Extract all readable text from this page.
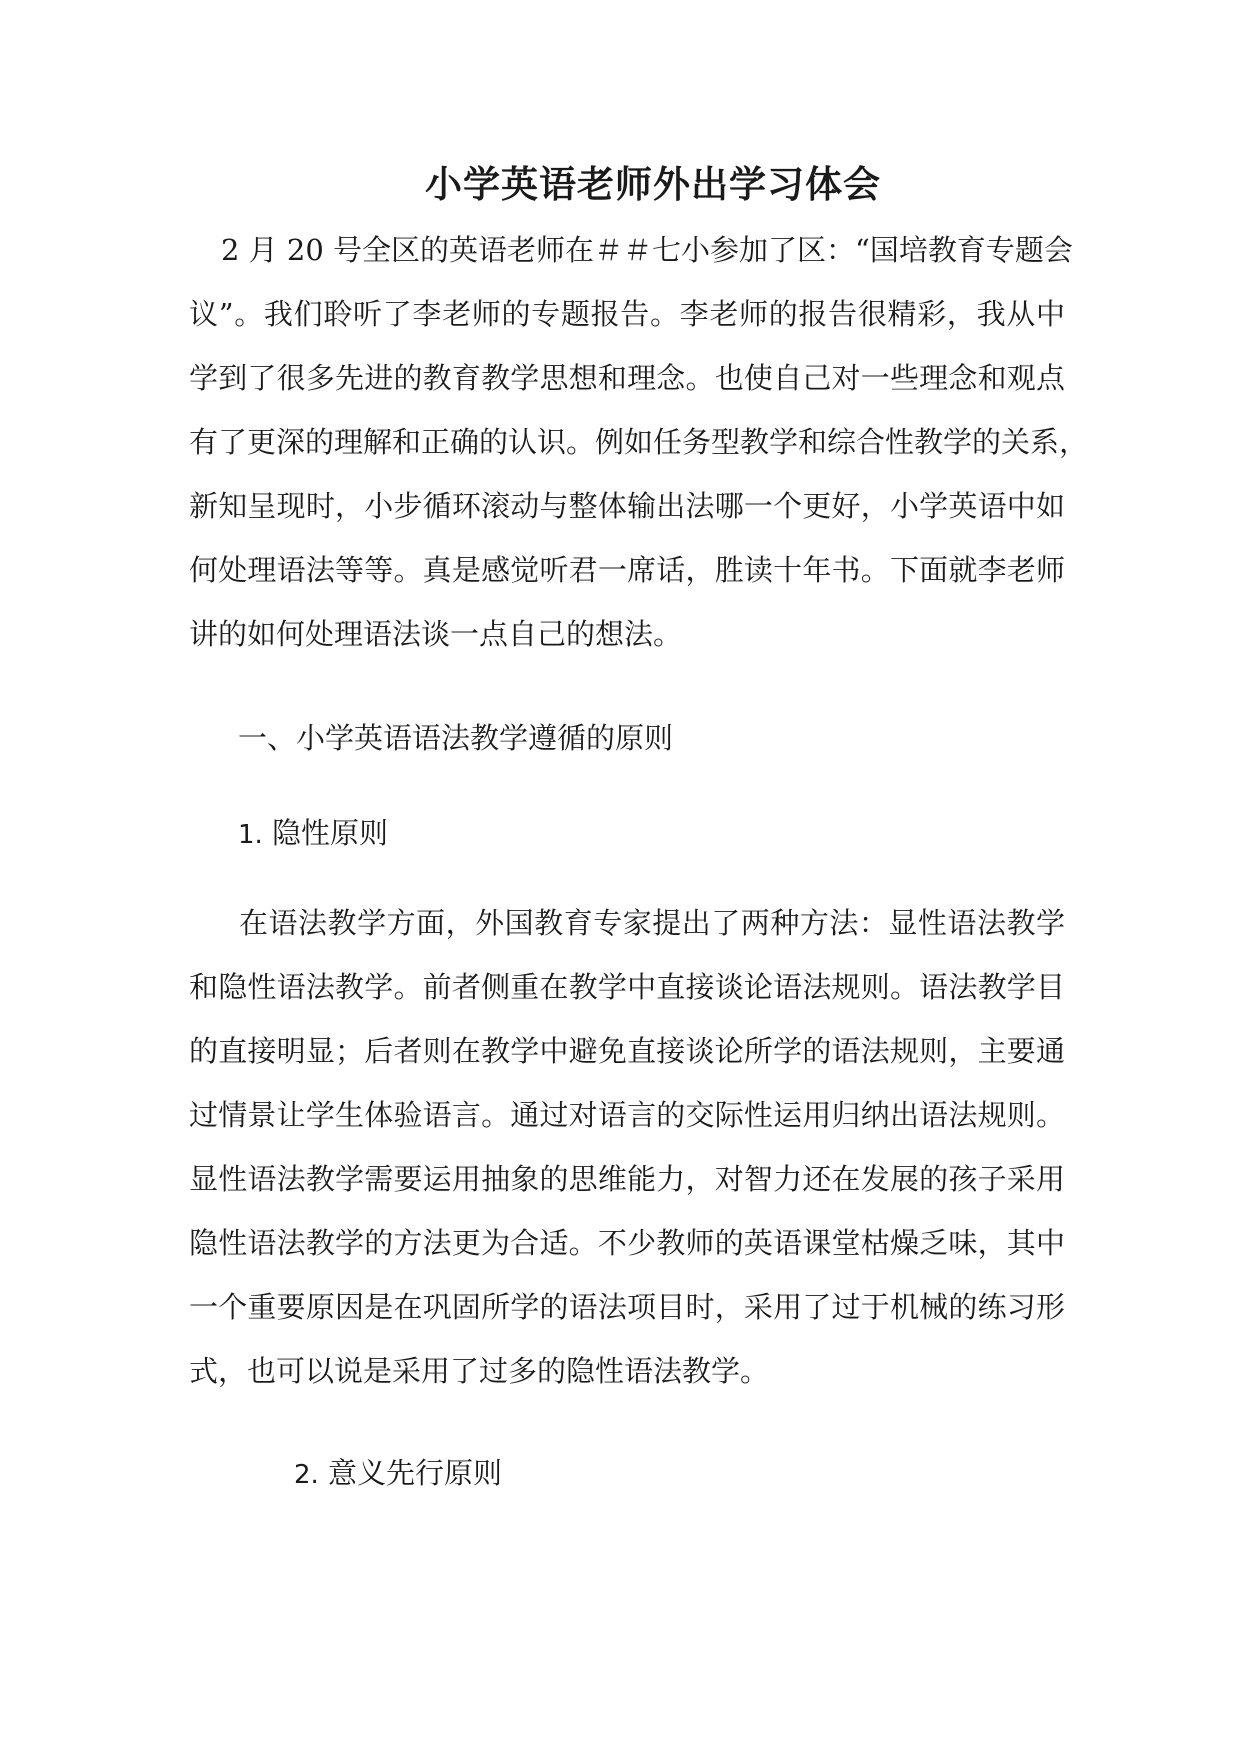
小学英语老师外出学习体会
2 月 20 号全区的英语老师在＃＃七小参加了区：“国培教育专题会
议”。我们聆听了李老师的专题报告。李老师的报告很精彩，我从中
学到了很多先进的教育教学思想和理念。也使自己对一些理念和观点
有了更深的理解和正确的认识。例如任务型教学和综合性教学的关系，
新知呈现时，小步循环滚动与整体输出法哪一个更好，小学英语中如
何处理语法等等。真是感觉听君一席话，胜读十年书。下面就李老师
讲的如何处理语法谈一点自己的想法。
一、小学英语语法教学遵循的原则
1. 隐性原则
在语法教学方面，外国教育专家提出了两种方法：显性语法教学
和隐性语法教学。前者侧重在教学中直接谈论语法规则。语法教学目
的直接明显；后者则在教学中避免直接谈论所学的语法规则，主要通
过情景让学生体验语言。通过对语言的交际性运用归纳出语法规则。
显性语法教学需要运用抽象的思维能力，对智力还在发展的孩子采用
隐性语法教学的方法更为合适。不少教师的英语课堂枯燥乏味，其中
一个重要原因是在巩固所学的语法项目时，采用了过于机械的练习形
式，也可以说是采用了过多的隐性语法教学。
2. 意义先行原则
